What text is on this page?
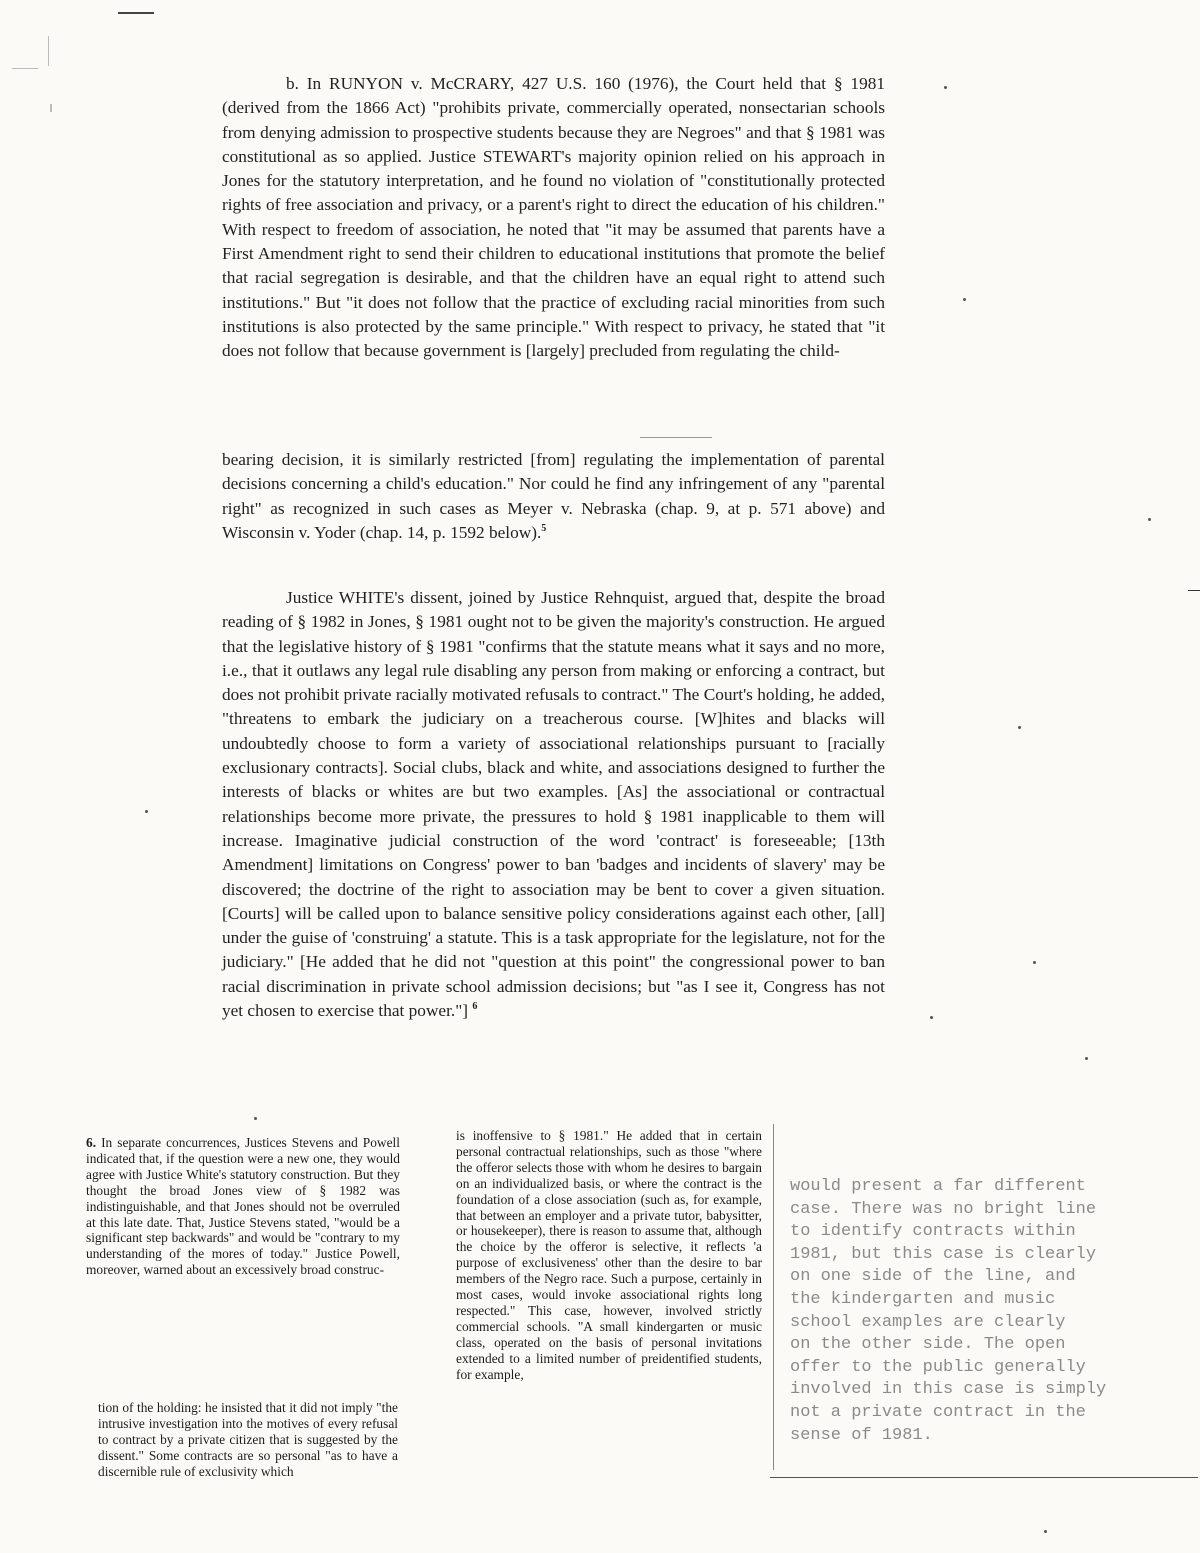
b. In RUNYON v. McCRARY, 427 U.S. 160 (1976), the Court held that § 1981 (derived from the 1866 Act) "prohibits private, commercially operated, nonsectarian schools from denying admission to prospective students because they are Negroes" and that § 1981 was constitutional as so applied. Justice STEWART's majority opinion relied on his approach in Jones for the statutory interpretation, and he found no violation of "constitutionally protected rights of free association and privacy, or a parent's right to direct the education of his children." With respect to freedom of association, he noted that "it may be assumed that parents have a First Amendment right to send their children to educational institutions that promote the belief that racial segregation is desirable, and that the children have an equal right to attend such institutions." But "it does not follow that the practice of excluding racial minorities from such institutions is also protected by the same principle." With respect to privacy, he stated that "it does not follow that because government is [largely] precluded from regulating the child-

bearing decision, it is similarly restricted [from] regulating the implementation of parental decisions concerning a child's education." Nor could he find any infringement of any "parental right" as recognized in such cases as Meyer v. Nebraska (chap. 9, at p. 571 above) and Wisconsin v. Yoder (chap. 14, p. 1592 below).$^5$

Justice WHITE's dissent, joined by Justice Rehnquist, argued that, despite the broad reading of § 1982 in Jones, § 1981 ought not to be given the majority's construction. He argued that the legislative history of § 1981 "confirms that the statute means what it says and no more, i.e., that it outlaws any legal rule disabling any person from making or enforcing a contract, but does not prohibit private racially motivated refusals to contract." The Court's holding, he added, "threatens to embark the judiciary on a treacherous course. [W]hites and blacks will undoubtedly choose to form a variety of associational relationships pursuant to [racially exclusionary contracts]. Social clubs, black and white, and associations designed to further the interests of blacks or whites are but two examples. [As] the associational or contractual relationships become more private, the pressures to hold § 1981 inapplicable to them will increase. Imaginative judicial construction of the word 'contract' is foreseeable; [13th Amendment] limitations on Congress' power to ban 'badges and incidents of slavery' may be discovered; the doctrine of the right to association may be bent to cover a given situation. [Courts] will be called upon to balance sensitive policy considerations against each other, [all] under the guise of 'construing' a statute. This is a task appropriate for the legislature, not for the judiciary." [He added that he did not "question at this point" the congressional power to ban racial discrimination in private school admission decisions; but "as I see it, Congress has not yet chosen to exercise that power."] $^6$

6. In separate concurrences, Justices Stevens and Powell indicated that, if the question were a new one, they would agree with Justice White's statutory construction. But they thought the broad Jones view of § 1982 was indistinguishable, and that Jones should not be overruled at this late date. That, Justice Stevens stated, "would be a significant step backwards" and would be "contrary to my understanding of the mores of today." Justice Powell, moreover, warned about an excessively broad construc-

tion of the holding: he insisted that it did not imply "the intrusive investigation into the motives of every refusal to contract by a private citizen that is suggested by the dissent." Some contracts are so personal "as to have a discernible rule of exclusivity which

is inoffensive to § 1981." He added that in certain personal contractual relationships, such as those "where the offeror selects those with whom he desires to bargain on an individualized basis, or where the contract is the foundation of a close association (such as, for example, that between an employer and a private tutor, babysitter, or housekeeper), there is reason to assume that, although the choice by the offeror is selective, it reflects 'a purpose of exclusiveness' other than the desire to bar members of the Negro race. Such a purpose, certainly in most cases, would invoke associational rights long respected." This case, however, involved strictly commercial schools. "A small kindergarten or music class, operated on the basis of personal invitations extended to a limited number of preidentified students, for example,

would present a far different
case. There was no bright line
to identify contracts within
1981, but this case is clearly
on one side of the line, and
the kindergarten and music
school examples are clearly
on the other side. The open
offer to the public generally
involved in this case is simply
not a private contract in the
sense of 1981.
